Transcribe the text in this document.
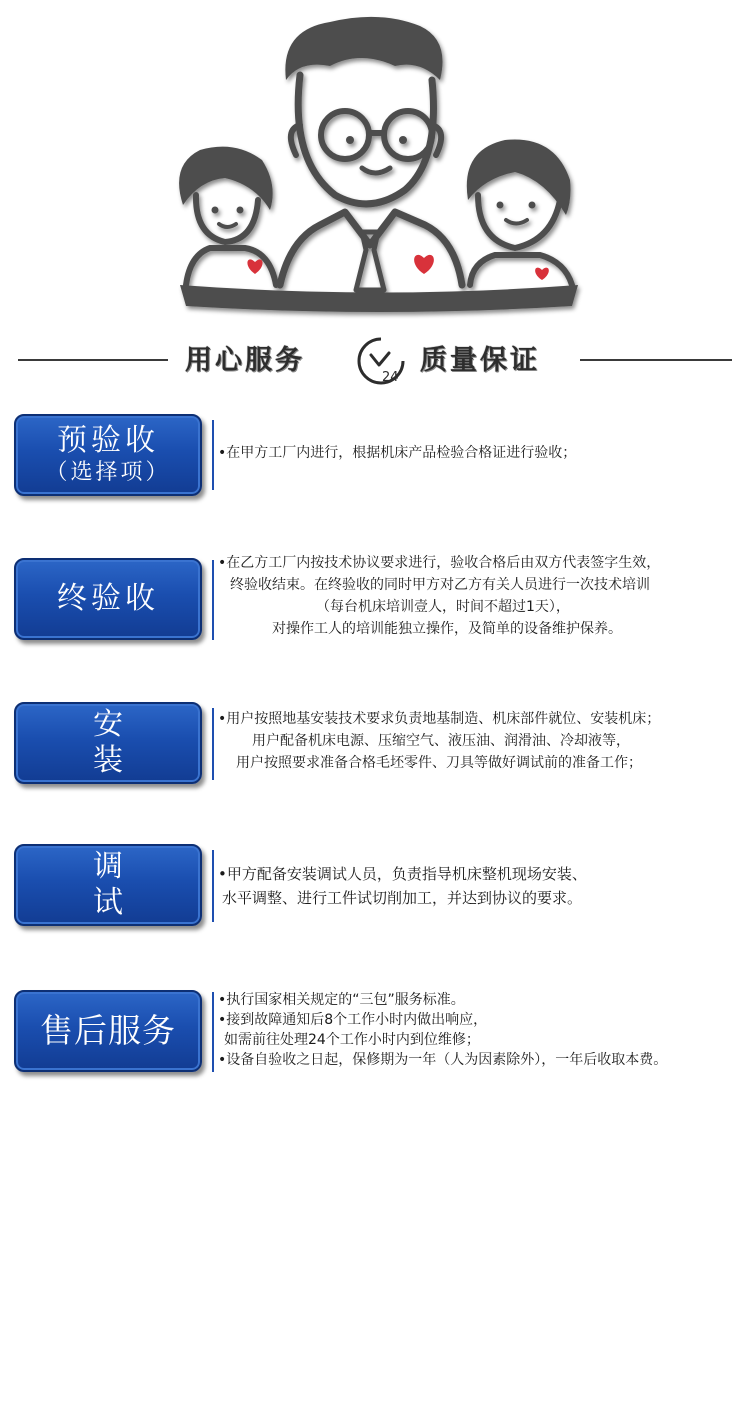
用心服务
24
质量保证
预验收
（选择项）
•在甲方工厂内进行，根据机床产品检验合格证进行验收；
终验收
•在乙方工厂内按技术协议要求进行，验收合格后由双方代表签字生效，
终验收结束。在终验收的同时甲方对乙方有关人员进行一次技术培训
（每台机床培训壹人，时间不超过1天），
对操作工人的培训能独立操作，及简单的设备维护保养。
安装
•用户按照地基安装技术要求负责地基制造、机床部件就位、安装机床；
用户配备机床电源、压缩空气、液压油、润滑油、冷却液等，
用户按照要求准备合格毛坯零件、刀具等做好调试前的准备工作；
调试
•甲方配备安装调试人员，负责指导机床整机现场安装、
水平调整、进行工件试切削加工，并达到协议的要求。
售后服务
•执行国家相关规定的“三包”服务标准。
•接到故障通知后8个工作小时内做出响应，
如需前往处理24个工作小时内到位维修；
•设备自验收之日起，保修期为一年（人为因素除外），一年后收取本费。
